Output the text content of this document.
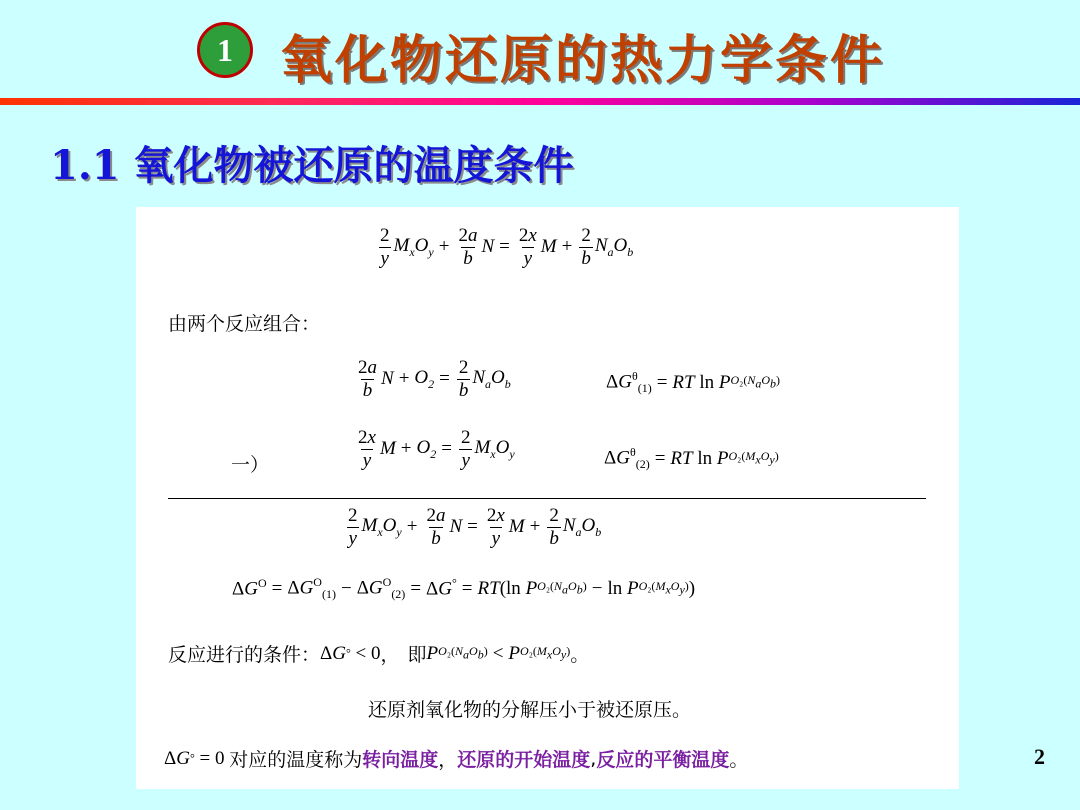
1 氧化物还原的热力学条件
1.1 氧化物被还原的温度条件
$\frac{2}{y} M_xO_y + \frac{2a}{b}$ $N = \frac{2x}{y}$ $M + \frac{2}{b} N_aO_b$
由两个反应组合：
$\frac{2a}{b}$ $N + O_2 = \frac{2}{b} N_aO_b$	$\Delta G^\theta_{(1)}$ = RT ln P $O_2(N_aO_b)$
一）	$\frac{2x}{y}$ $M + O_2 = \frac{2}{y} M_xO_y$	$\Delta G^\theta_{(2)}$ = RT ln P $O_2(M_xO_y)$
$\frac{2}{y} M_xO_y + \frac{2a}{b}$ $N = \frac{2x}{y}$ $M + \frac{2}{b} N_aO_b$
$\Delta G^O = \Delta G^O_{(1)} - \Delta G^O_{(2)} = \Delta G^\circ$ = RT (ln P $O_2(N_aO_b) - \ln P$ $O_2(M_xO_y)$ )
反应进行的条件： Δ G ° < 0 ， 即 P $O_2(N_aO_b) < P$ $O_2(M_xO_y)$ 。
还原剂氧化物的分解压小于被还原压。
Δ G ° = 0 对应的温度称为 转向温度 ， 还原的开始温度 , 反应的平衡温度 。	2
